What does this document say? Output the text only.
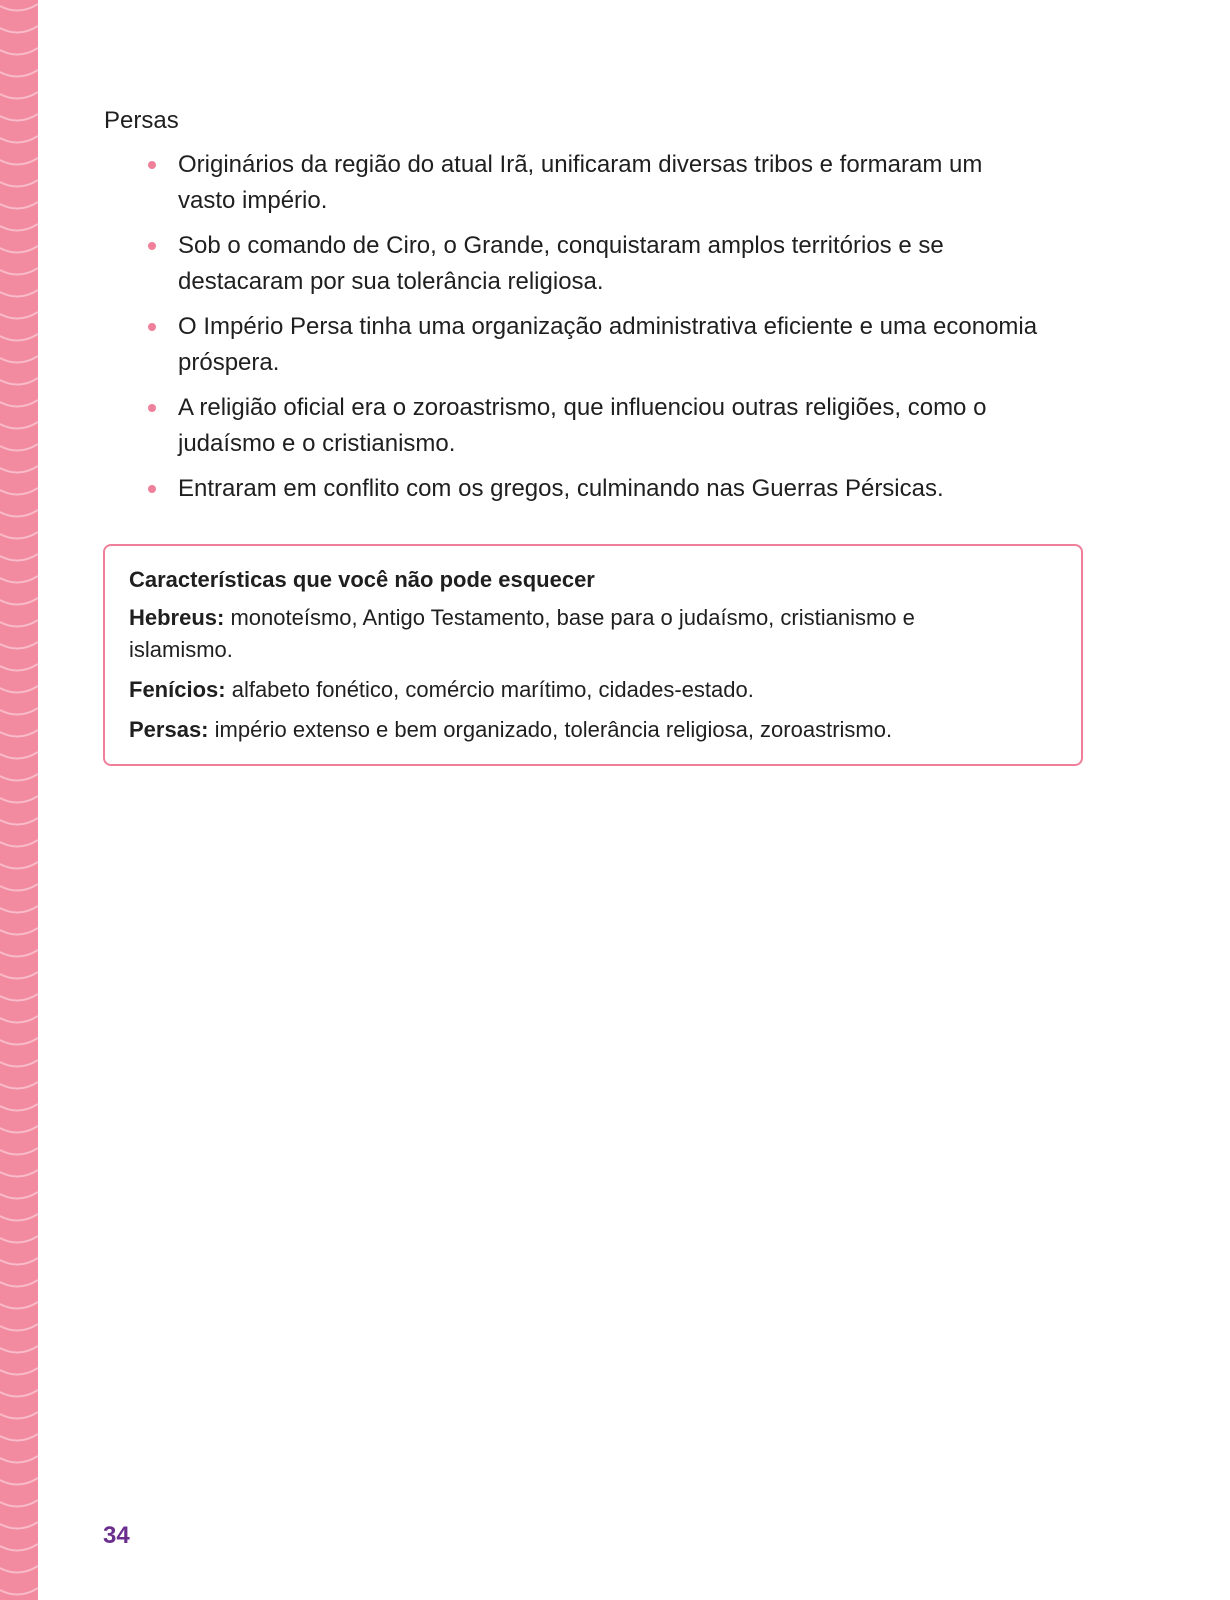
Persas
Originários da região do atual Irã, unificaram diversas tribos e formaram um vasto império.
Sob o comando de Ciro, o Grande, conquistaram amplos territórios e se destacaram por sua tolerância religiosa.
O Império Persa tinha uma organização administrativa eficiente e uma economia próspera.
A religião oficial era o zoroastrismo, que influenciou outras religiões, como o judaísmo e o cristianismo.
Entraram em conflito com os gregos, culminando nas Guerras Pérsicas.

Características que você não pode esquecer

Hebreus: monoteísmo, Antigo Testamento, base para o judaísmo, cristianismo e islamismo.

Fenícios: alfabeto fonético, comércio marítimo, cidades-estado.

Persas: império extenso e bem organizado, tolerância religiosa, zoroastrismo.

34
